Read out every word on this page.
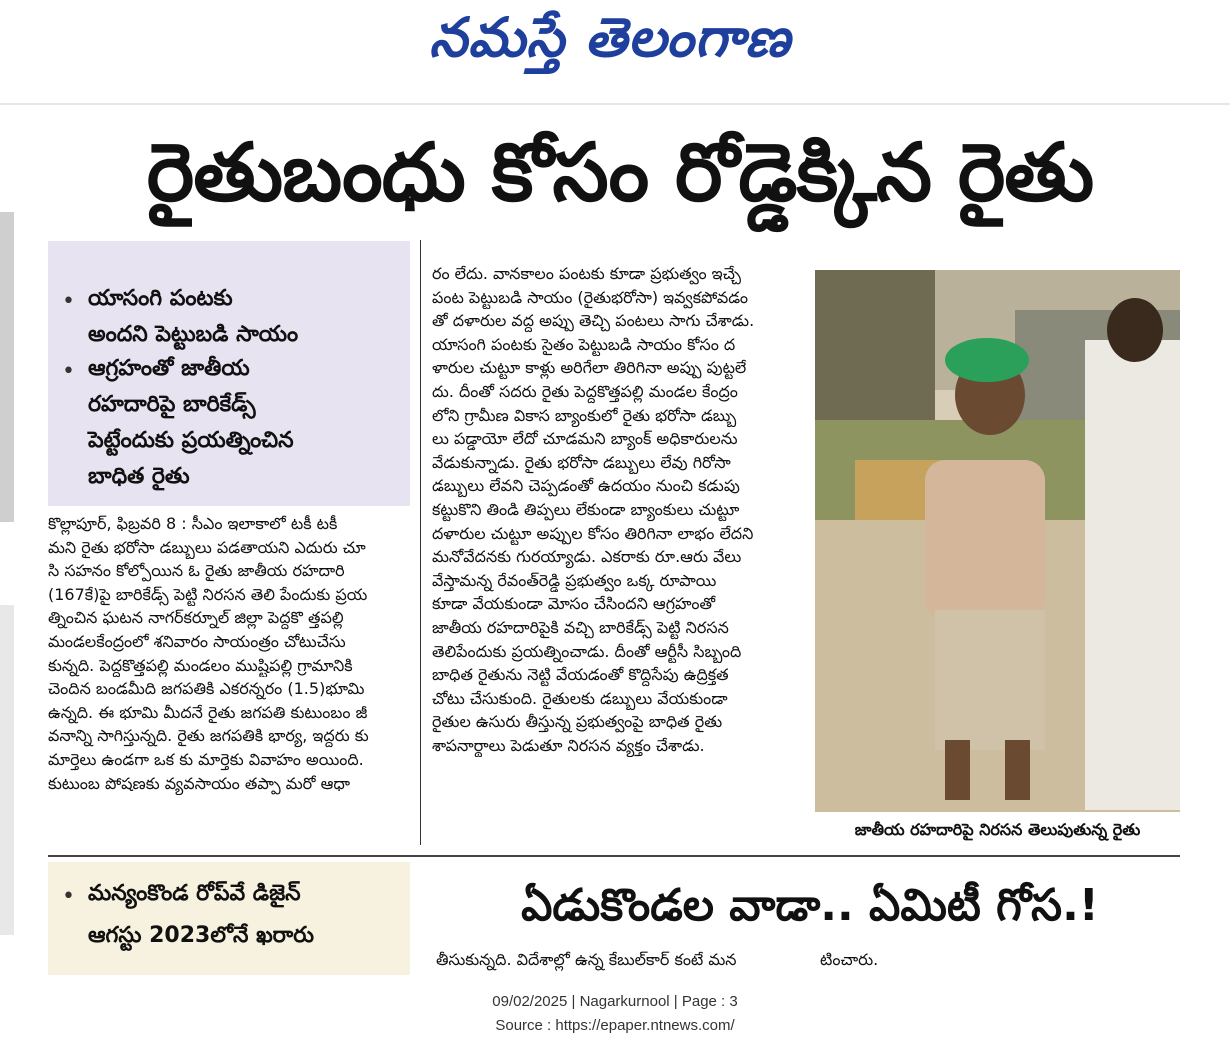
నమస్తే తెలంగాణ
రైతుబంధు కోసం రోడ్డెక్కిన రైతు
• యాసంగి పంటకు
అందని పెట్టుబడి సాయం
• ఆగ్రహంతో జాతీయ
రహదారిపై బారికేడ్స్
పెట్టేందుకు ప్రయత్నించిన
బాధిత రైతు
కొల్లాపూర్, ఫిబ్రవరి 8 : సీఎం ఇలాకాలో టకీ టకీ
మని రైతు భరోసా డబ్బులు పడతాయని ఎదురు చూ
సి సహనం కోల్పోయిన ఓ రైతు జాతీయ రహదారి
(167కే)పై బారికేడ్స్ పెట్టి నిరసన తెలి పేందుకు ప్రయ
త్నించిన ఘటన నాగర్‌కర్నూల్ జిల్లా పెద్దకొ త్తపల్లి
మండలకేంద్రంలో శనివారం సాయంత్రం చోటుచేసు
కున్నది. పెద్దకొత్తపల్లి మండలం ముష్టిపల్లి గ్రామానికి
చెందిన బండమీది జగపతికి ఎకరన్నరం (1.5)భూమి
ఉన్నది. ఈ భూమి మీదనే రైతు జగపతి కుటుంబం జీ
వనాన్ని సాగిస్తున్నది. రైతు జగపతికి భార్య, ఇద్దరు కు
మార్తెలు ఉండగా ఒక కు మార్తెకు వివాహం అయింది.
కుటుంబ పోషణకు వ్యవసాయం తప్పా మరో ఆధా
రం లేదు. వానకాలం పంటకు కూడా ప్రభుత్వం ఇచ్చే
పంట పెట్టుబడి సాయం (రైతుభరోసా) ఇవ్వకపోవడం
తో దళారుల వద్ద అప్పు తెచ్చి పంటలు సాగు చేశాడు.
యాసంగి పంటకు సైతం పెట్టుబడి సాయం కోసం ద
ళారుల చుట్టూ కాళ్లు అరిగేలా తిరిగినా అప్పు పుట్టలే
దు. దీంతో సదరు రైతు పెద్దకొత్తపల్లి మండల కేంద్రం
లోని గ్రామీణ వికాస బ్యాంకులో రైతు భరోసా డబ్బు
లు పడ్డాయో లేదో చూడమని బ్యాంక్ అధికారులను
వేడుకున్నాడు. రైతు భరోసా డబ్బులు లేవు గిరోసా
డబ్బులు లేవని చెప్పడంతో ఉదయం నుంచి కడుపు
కట్టుకొని తిండి తిప్పలు లేకుండా బ్యాంకులు చుట్టూ
దళారుల చుట్టూ అప్పుల కోసం తిరిగినా లాభం లేదని
మనోవేదనకు గురయ్యాడు. ఎకరాకు రూ.ఆరు వేలు
వేస్తామన్న రేవంత్‌రెడ్డి ప్రభుత్వం ఒక్క రూపాయి
కూడా వేయకుండా మోసం చేసిందని ఆగ్రహంతో
జాతీయ రహదారిపైకి వచ్చి బారికేడ్స్ పెట్టి నిరసన
తెలిపేందుకు ప్రయత్నించాడు. దీంతో ఆర్టీసీ సిబ్బంది
బాధిత రైతును నెట్టి వేయడంతో కొద్దిసేపు ఉద్రిక్తత
చోటు చేసుకుంది. రైతులకు డబ్బులు వేయకుండా
రైతుల ఉసురు తీస్తున్న ప్రభుత్వంపై బాధిత రైతు
శాపనార్థాలు పెడుతూ నిరసన వ్యక్తం చేశాడు.
జాతీయ రహదారిపై నిరసన తెలుపుతున్న రైతు
• మన్యంకొండ రోప్‌వే డిజైన్
ఆగస్టు 2023లోనే ఖరారు
ఏడుకొండల వాడా.. ఏమిటీ గోస.!
తీసుకున్నది. విదేశాల్లో ఉన్న కేబుల్‌కార్ కంటే మన	టించారు.
09/02/2025 | Nagarkurnool | Page : 3
Source : https://epaper.ntnews.com/
